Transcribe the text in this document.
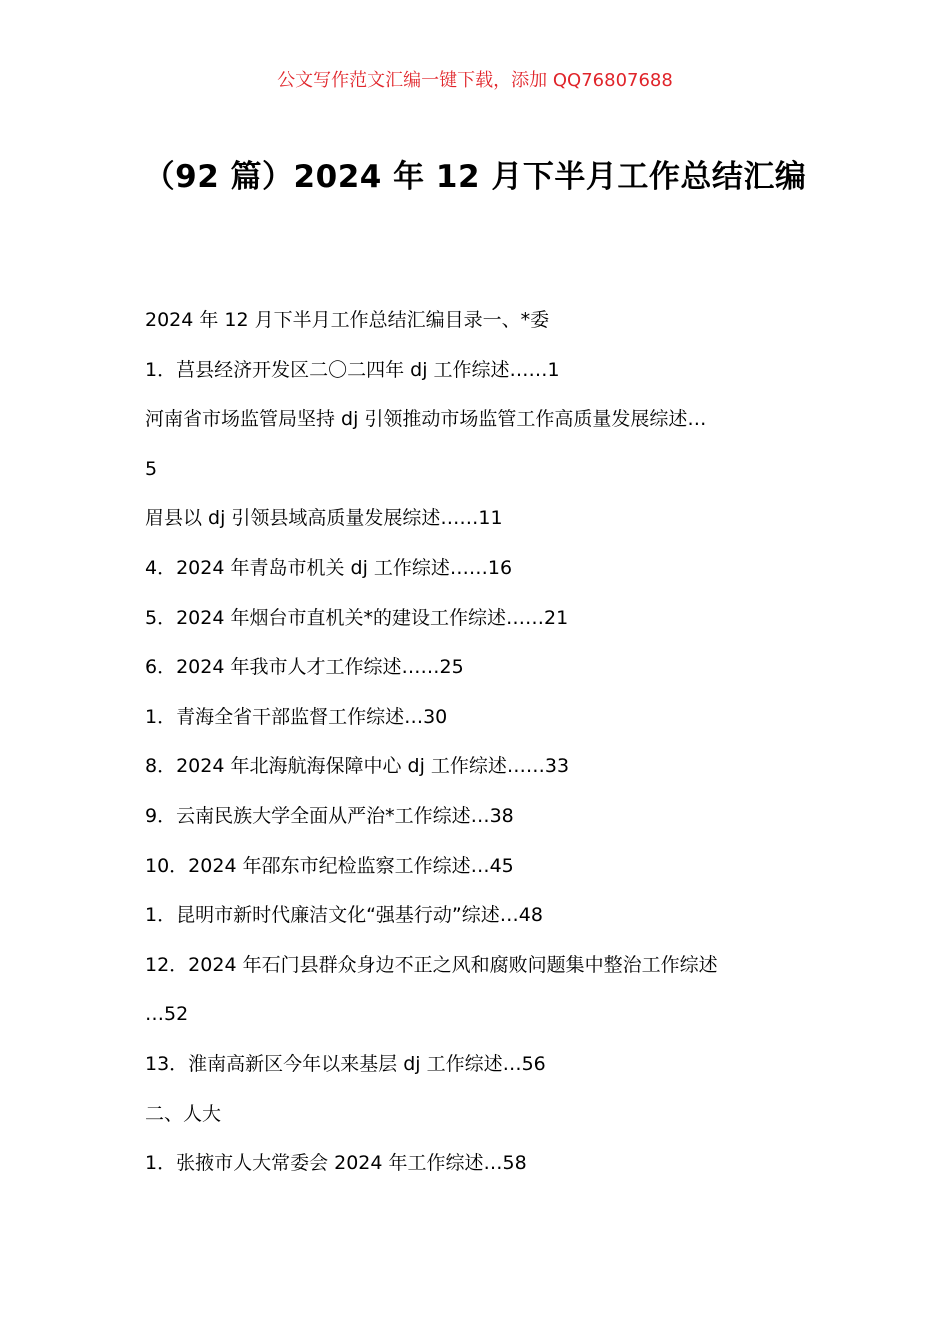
公文写作范文汇编一键下载，添加 QQ76807688
（92 篇）2024 年 12 月下半月工作总结汇编
2024 年 12 月下半月工作总结汇编目录一、*委
1．莒县经济开发区二〇二四年 dj 工作综述……1
河南省市场监管局坚持 dj 引领推动市场监管工作高质量发展综述…
5
眉县以 dj 引领县域高质量发展综述……11
4．2024 年青岛市机关 dj 工作综述……16
5．2024 年烟台市直机关*的建设工作综述……21
6．2024 年我市人才工作综述……25
1．青海全省干部监督工作综述…30
8．2024 年北海航海保障中心 dj 工作综述……33
9．云南民族大学全面从严治*工作综述…38
10．2024 年邵东市纪检监察工作综述…45
1．昆明市新时代廉洁文化“强基行动”综述…48
12．2024 年石门县群众身边不正之风和腐败问题集中整治工作综述
…52
13．淮南高新区今年以来基层 dj 工作综述…56
二、人大
1．张掖市人大常委会 2024 年工作综述…58
